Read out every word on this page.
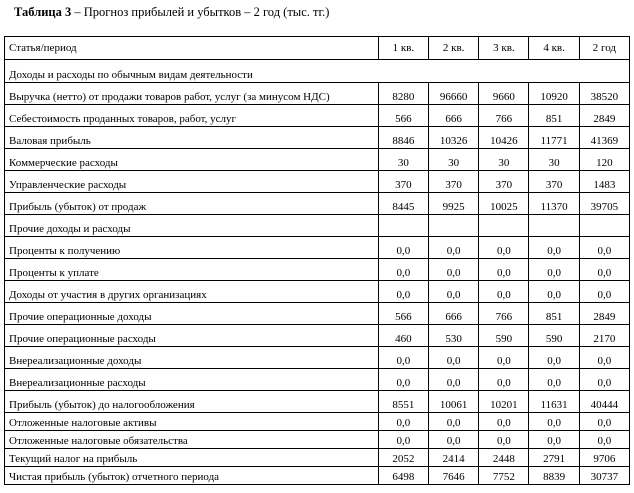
Таблица 3 – Прогноз прибылей и убытков – 2 год (тыс. тг.)
Статья/период	1 кв.	2 кв.	3 кв.	4 кв.	2 год
Доходы и расходы по обычным видам деятельности					
Выручка (нетто) от продажи товаров работ, услуг (за минусом НДС)	8280	96660	9660	10920	38520
Себестоимость проданных товаров, работ, услуг	566	666	766	851	2849
Валовая прибыль	8846	10326	10426	11771	41369
Коммерческие расходы	30	30	30	30	120
Управленческие расходы	370	370	370	370	1483
Прибыль (убыток) от продаж	8445	9925	10025	11370	39705
Прочие доходы и расходы					
Проценты к получению	0,0	0,0	0,0	0,0	0,0
Проценты к уплате	0,0	0,0	0,0	0,0	0,0
Доходы от участия в других организациях	0,0	0,0	0,0	0,0	0,0
Прочие операционные доходы	566	666	766	851	2849
Прочие операционные расходы	460	530	590	590	2170
Внереализационные доходы	0,0	0,0	0,0	0,0	0,0
Внереализационные расходы	0,0	0,0	0,0	0,0	0,0
Прибыль (убыток) до налогообложения	8551	10061	10201	11631	40444
Отложенные налоговые активы	0,0	0,0	0,0	0,0	0,0
Отложенные налоговые обязательства	0,0	0,0	0,0	0,0	0,0
Текущий налог на прибыль	2052	2414	2448	2791	9706
Чистая прибыль (убыток) отчетного периода	6498	7646	7752	8839	30737
